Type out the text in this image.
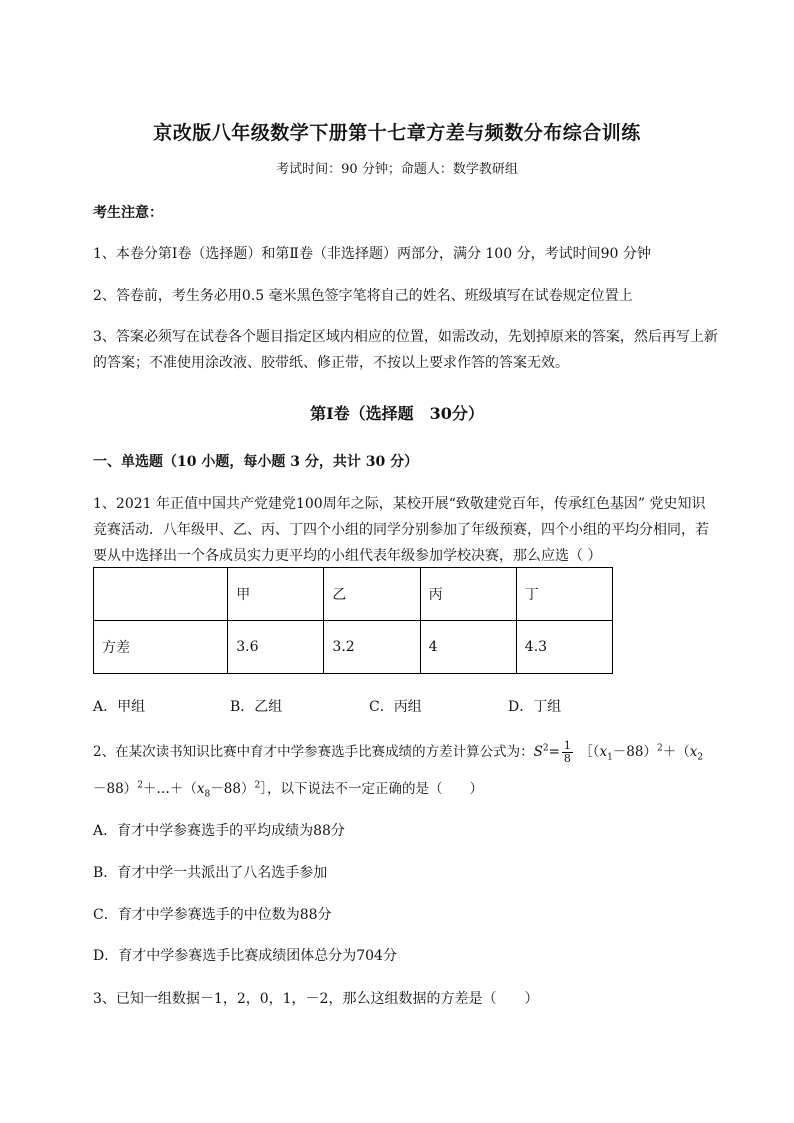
京改版八年级数学下册第十七章方差与频数分布综合训练
考试时间：90 分钟；命题人：数学教研组
考生注意：
1、本卷分第Ⅰ卷（选择题）和第Ⅱ卷（非选择题）两部分，满分 100 分，考试时间90 分钟
2、答卷前，考生务必用0.5 毫米黑色签字笔将自己的姓名、班级填写在试卷规定位置上
3、答案必须写在试卷各个题目指定区域内相应的位置，如需改动，先划掉原来的答案，然后再写上新
的答案；不准使用涂改液、胶带纸、修正带，不按以上要求作答的答案无效。
第Ⅰ卷（选择题　30分）
一、单选题（10 小题，每小题 3 分，共计 30 分）
1、2021 年正值中国共产党建党100周年之际，某校开展“致敬建党百年，传承红色基因” 党史知识
竞赛活动．八年级甲、乙、丙、丁四个小组的同学分别参加了年级预赛，四个小组的平均分相同，若
要从中选择出一个各成员实力更平均的小组代表年级参加学校决赛，那么应选（ ）
	甲	乙	丙	丁
方差	3.6	3.2	4	4.3
A．甲组	B．乙组	C．丙组	D．丁组
2、在某次读书知识比赛中育才中学参赛选手比赛成绩的方差计算公式为：$S^2= \frac{1}{8}$ $[(x_1-88)^2+(x_2$
$-88)^2+\dots+(x_8-88)^2]$，以下说法不一定正确的是（　　）
A．育才中学参赛选手的平均成绩为88分
B．育才中学一共派出了八名选手参加
C．育才中学参赛选手的中位数为88分
D．育才中学参赛选手比赛成绩团体总分为704分
3、已知一组数据－1，2，0，1，－2，那么这组数据的方差是（　　）
